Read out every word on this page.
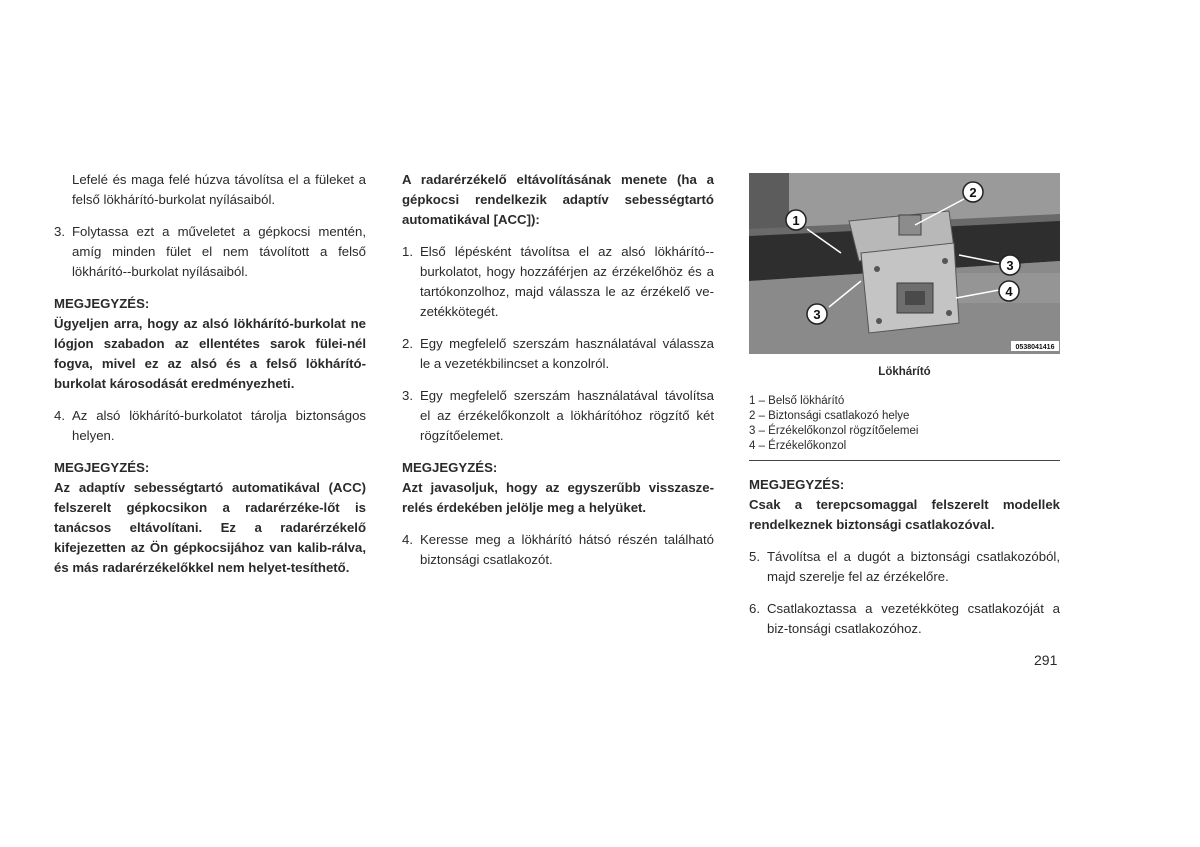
Lefelé és maga felé húzva távolítsa el a füleket a felső lökhárító-burkolat nyílásaiból.

3. Folytassa ezt a műveletet a gépkocsi mentén, amíg minden fület el nem távolított a felső lökhárító--burkolat nyílásaiból.

MEGJEGYZÉS:

Ügyeljen arra, hogy az alsó lökhárító-burkolat ne lógjon szabadon az ellentétes sarok fülei-nél fogva, mivel ez az alsó és a felső lökhárító-burkolat károsodását eredményezheti.

4. Az alsó lökhárító-burkolatot tárolja biztonságos helyen.

MEGJEGYZÉS:

Az adaptív sebességtartó automatikával (ACC) felszerelt gépkocsikon a radarérzéke-lőt is tanácsos eltávolítani. Ez a radarérzékelő kifejezetten az Ön gépkocsijához van kalib-rálva, és más radarérzékelőkkel nem helyet-tesíthető.

A radarérzékelő eltávolításának menete (ha a gépkocsi rendelkezik adaptív sebességtartó automatikával [ACC]):

1. Első lépésként távolítsa el az alsó lökhárító--burkolatot, hogy hozzáférjen az érzékelőhöz és a tartókonzolhoz, majd válassza le az érzékelő ve-zetékkötegét.
2. Egy megfelelő szerszám használatával válassza le a vezetékbilincset a konzolról.
3. Egy megfelelő szerszám használatával távolítsa el az érzékelőkonzolt a lökhárítóhoz rögzítő két rögzítőelemet.

MEGJEGYZÉS:

Azt javasoljuk, hogy az egyszerűbb visszasze-relés érdekében jelölje meg a helyüket.

4. Keresse meg a lökhárító hátsó részén található biztonsági csatlakozót.
1
2
3
4
3
0538041416
Lökhárító
1 – Belső lökhárító
2 – Biztonsági csatlakozó helye
3 – Érzékelőkonzol rögzítőelemei
4 – Érzékelőkonzol

MEGJEGYZÉS:

Csak a terepcsomaggal felszerelt modellek rendelkeznek biztonsági csatlakozóval.

5. Távolítsa el a dugót a biztonsági csatlakozóból, majd szerelje fel az érzékelőre.
6. Csatlakoztassa a vezetékköteg csatlakozóját a biz-tonsági csatlakozóhoz.
291
